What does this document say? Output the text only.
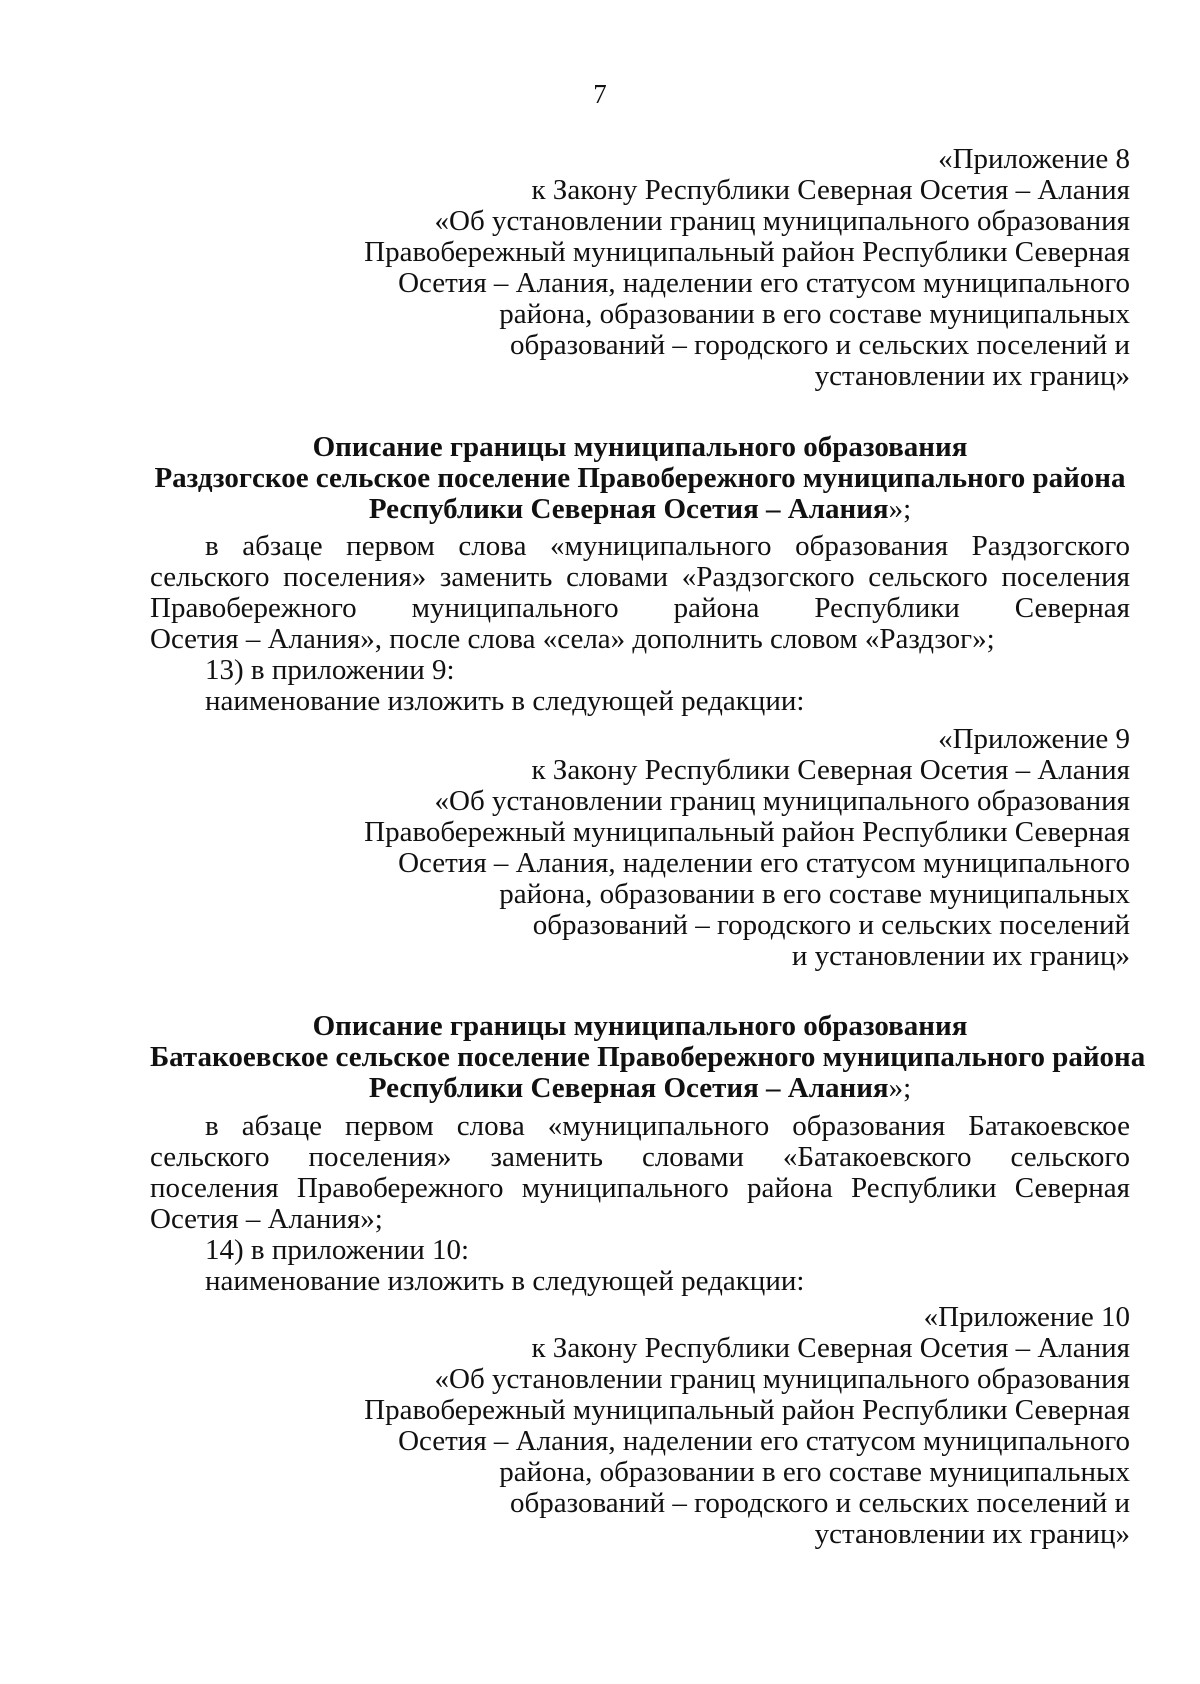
7
«Приложение 8
к Закону Республики Северная Осетия – Алания
«Об установлении границ муниципального образования
Правобережный муниципальный район Республики Северная
Осетия – Алания, наделении его статусом муниципального
района, образовании в его составе муниципальных
образований – городского и сельских поселений и
установлении их границ»
Описание границы муниципального образования
Раздзогское сельское поселение Правобережного муниципального района
Республики Северная Осетия – Алания»;
в абзаце первом слова «муниципального образования Раздзогского
сельского поселения» заменить словами «Раздзогского сельского поселения
Правобережного муниципального района Республики Северная
Осетия – Алания», после слова «села» дополнить словом «Раздзог»;
13) в приложении 9:
наименование изложить в следующей редакции:
«Приложение 9
к Закону Республики Северная Осетия – Алания
«Об установлении границ муниципального образования
Правобережный муниципальный район Республики Северная
Осетия – Алания, наделении его статусом муниципального
района, образовании в его составе муниципальных
образований – городского и сельских поселений
и установлении их границ»
Описание границы муниципального образования
Батакоевское сельское поселение Правобережного муниципального района
Республики Северная Осетия – Алания»;
в абзаце первом слова «муниципального образования Батакоевское
сельского поселения» заменить словами «Батакоевского сельского
поселения Правобережного муниципального района Республики Северная
Осетия – Алания»;
14) в приложении 10:
наименование изложить в следующей редакции:
«Приложение 10
к Закону Республики Северная Осетия – Алания
«Об установлении границ муниципального образования
Правобережный муниципальный район Республики Северная
Осетия – Алания, наделении его статусом муниципального
района, образовании в его составе муниципальных
образований – городского и сельских поселений и
установлении их границ»
